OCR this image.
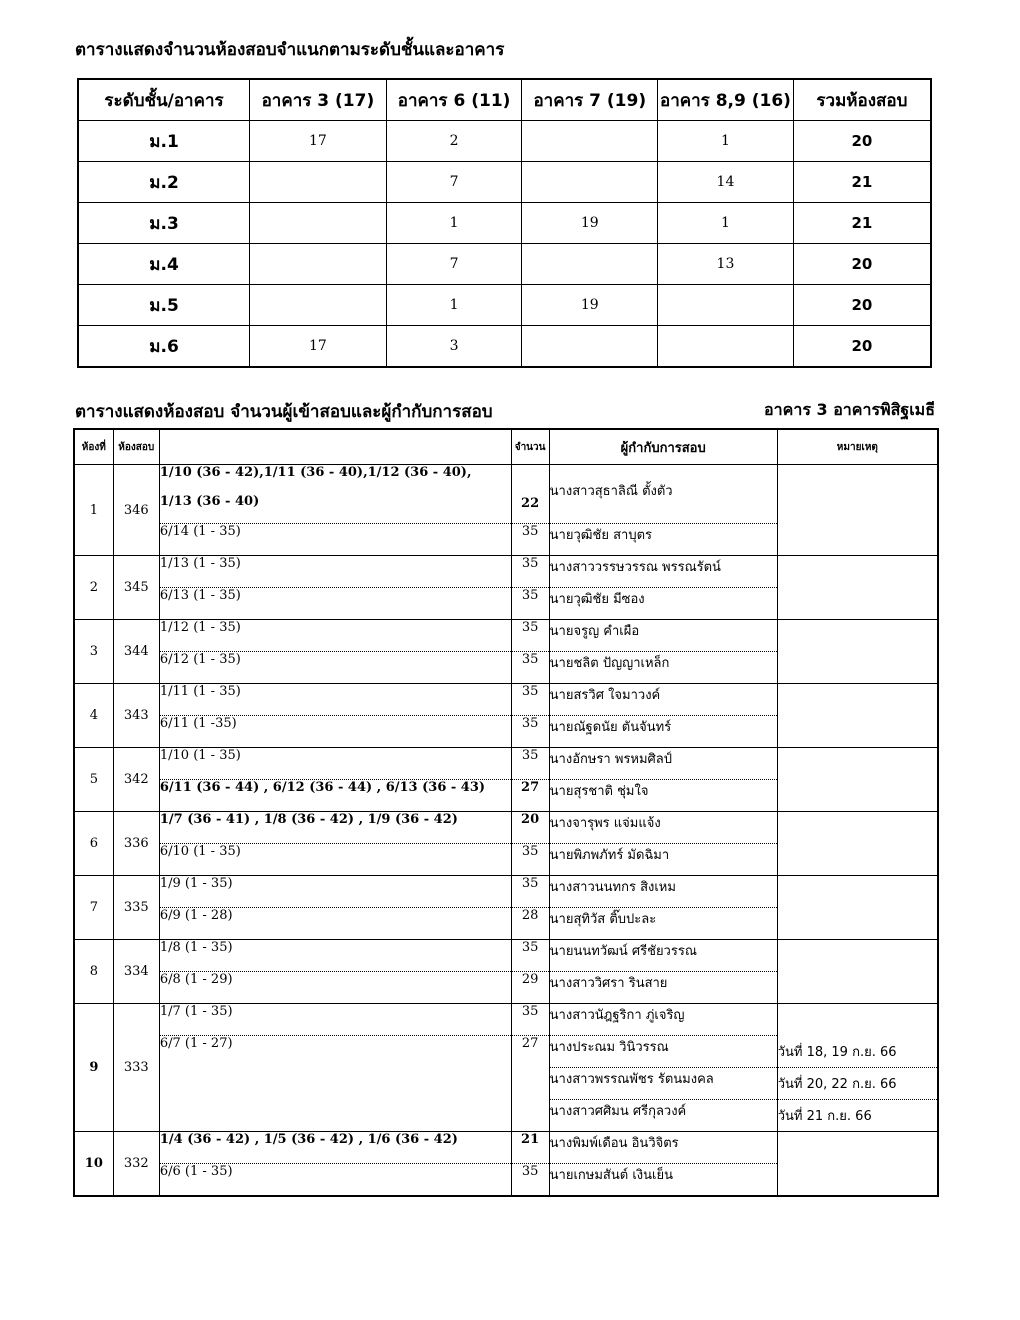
ตารางแสดงจำนวนห้องสอบจำแนกตามระดับชั้นและอาคาร
ระดับชั้น/อาคาร	อาคาร 3 (17)	อาคาร 6 (11)	อาคาร 7 (19)	อาคาร 8,9 (16)	รวมห้องสอบ
ม.1	17	2		1	20
ม.2		7		14	21
ม.3		1	19	1	21
ม.4		7		13	20
ม.5		1	19		20
ม.6	17	3			20
ตารางแสดงห้องสอบ จำนวนผู้เข้าสอบและผู้กำกับการสอบ	อาคาร 3 อาคารพิสิฐเมธี
ห้องที่	ห้องสอบ		จำนวน	ผู้กำกับการสอบ	หมายเหตุ
1	346	1/10 (36 - 42),1/11 (36 - 40),1/12 (36 - 40),
1/13 (36 - 40)	22	นางสาวสุธาลิณี ตั้งตัว	
		6/14 (1 - 35)	35	นายวุฒิชัย สาบุตร	
2	345	1/13 (1 - 35)	35	นางสาววรรษวรรณ พรรณรัตน์	
		6/13 (1 - 35)	35	นายวุฒิชัย มีซอง	
3	344	1/12 (1 - 35)	35	นายจรูญ คำเผือ	
		6/12 (1 - 35)	35	นายชลิต ปัญญาเหล็ก	
4	343	1/11 (1 - 35)	35	นายสรวิศ ใจมาวงค์	
		6/11 (1 -35)	35	นายณัฐดนัย ตันจันทร์	
5	342	1/10 (1 - 35)	35	นางอักษรา พรหมศิลป์	
		6/11 (36 - 44) , 6/12 (36 - 44) , 6/13 (36 - 43)	27	นายสุรชาติ ชุ่มใจ	
6	336	1/7 (36 - 41) , 1/8 (36 - 42) , 1/9 (36 - 42)	20	นางจารุพร แจ่มแจ้ง	
		6/10 (1 - 35)	35	นายพิภพภัทร์ มัดฉิมา	
7	335	1/9 (1 - 35)	35	นางสาวนนทกร สิงเหม	
		6/9 (1 - 28)	28	นายสุทิวัส ติ๊บปะละ	
8	334	1/8 (1 - 35)	35	นายนนทวัฒน์ ศรีชัยวรรณ	
		6/8 (1 - 29)	29	นางสาววิศรา รินสาย	
9	333	1/7 (1 - 35)	35	นางสาวนัฎฐริกา ภู่เจริญ	
		6/7 (1 - 27)	27	นางประณม วินิวรรณ	วันที่ 18, 19 ก.ย. 66
				นางสาวพรรณพัชร รัตนมงคล	วันที่ 20, 22 ก.ย. 66
				นางสาวศศิมน ศรีกุลวงค์	วันที่ 21 ก.ย. 66
10	332	1/4 (36 - 42) , 1/5 (36 - 42) , 1/6 (36 - 42)	21	นางพิมพ์เดือน อินวิจิตร	
		6/6 (1 - 35)	35	นายเกษมสันต์ เงินเย็น	
